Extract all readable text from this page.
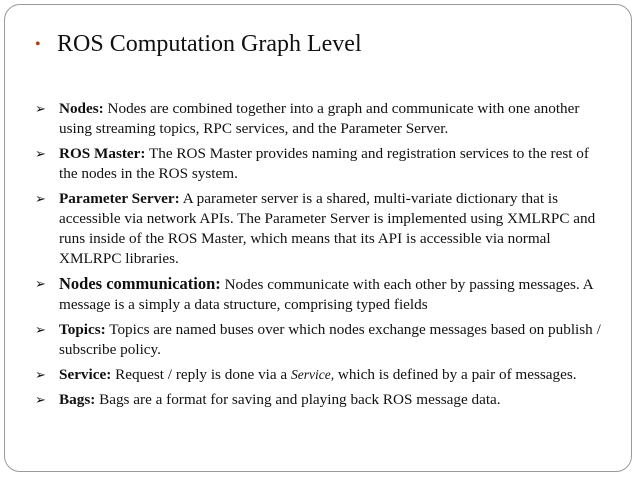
• ROS Computation Graph Level
➢ Nodes: Nodes are combined together into a graph and communicate with one another using streaming topics, RPC services, and the Parameter Server.
➢ ROS Master: The ROS Master provides naming and registration services to the rest of the nodes in the ROS system.
➢ Parameter Server: A parameter server is a shared, multi-variate dictionary that is accessible via network APIs. The Parameter Server is implemented using XMLRPC and runs inside of the ROS Master, which means that its API is accessible via normal XMLRPC libraries.
➢ Nodes communication: Nodes communicate with each other by passing messages. A message is a simply a data structure, comprising typed fields
➢ Topics: Topics are named buses over which nodes exchange messages based on publish / subscribe policy.
➢ Service: Request / reply is done via a Service, which is defined by a pair of messages.
➢ Bags: Bags are a format for saving and playing back ROS message data.
